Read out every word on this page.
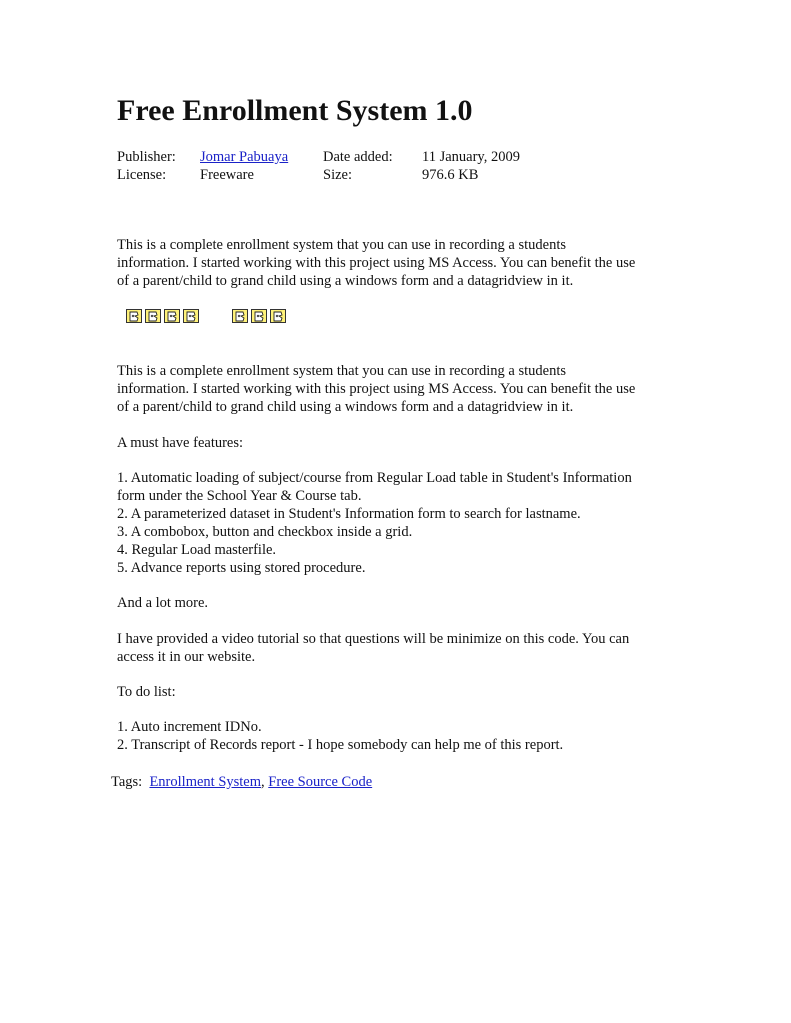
Free Enrollment System 1.0
Publisher: Jomar Pabuaya Date added: 11 January, 2009
License: Freeware	Size:	976.6 KB

This is a complete enrollment system that you can use in recording a students
information. I started working with this project using MS Access. You can benefit the use
of a parent/child to grand child using a windows form and a datagridview in it.

This is a complete enrollment system that you can use in recording a students
information. I started working with this project using MS Access. You can benefit the use
of a parent/child to grand child using a windows form and a datagridview in it.

A must have features:

1. Automatic loading of subject/course from Regular Load table in Student's Information
form under the School Year & Course tab.
2. A parameterized dataset in Student's Information form to search for lastname.
3. A combobox, button and checkbox inside a grid.
4. Regular Load masterfile.
5. Advance reports using stored procedure.

And a lot more.

I have provided a video tutorial so that questions will be minimize on this code. You can
access it in our website.

To do list:

1. Auto increment IDNo.
2. Transcript of Records report - I hope somebody can help me of this report.

Tags: Enrollment System, Free Source Code
